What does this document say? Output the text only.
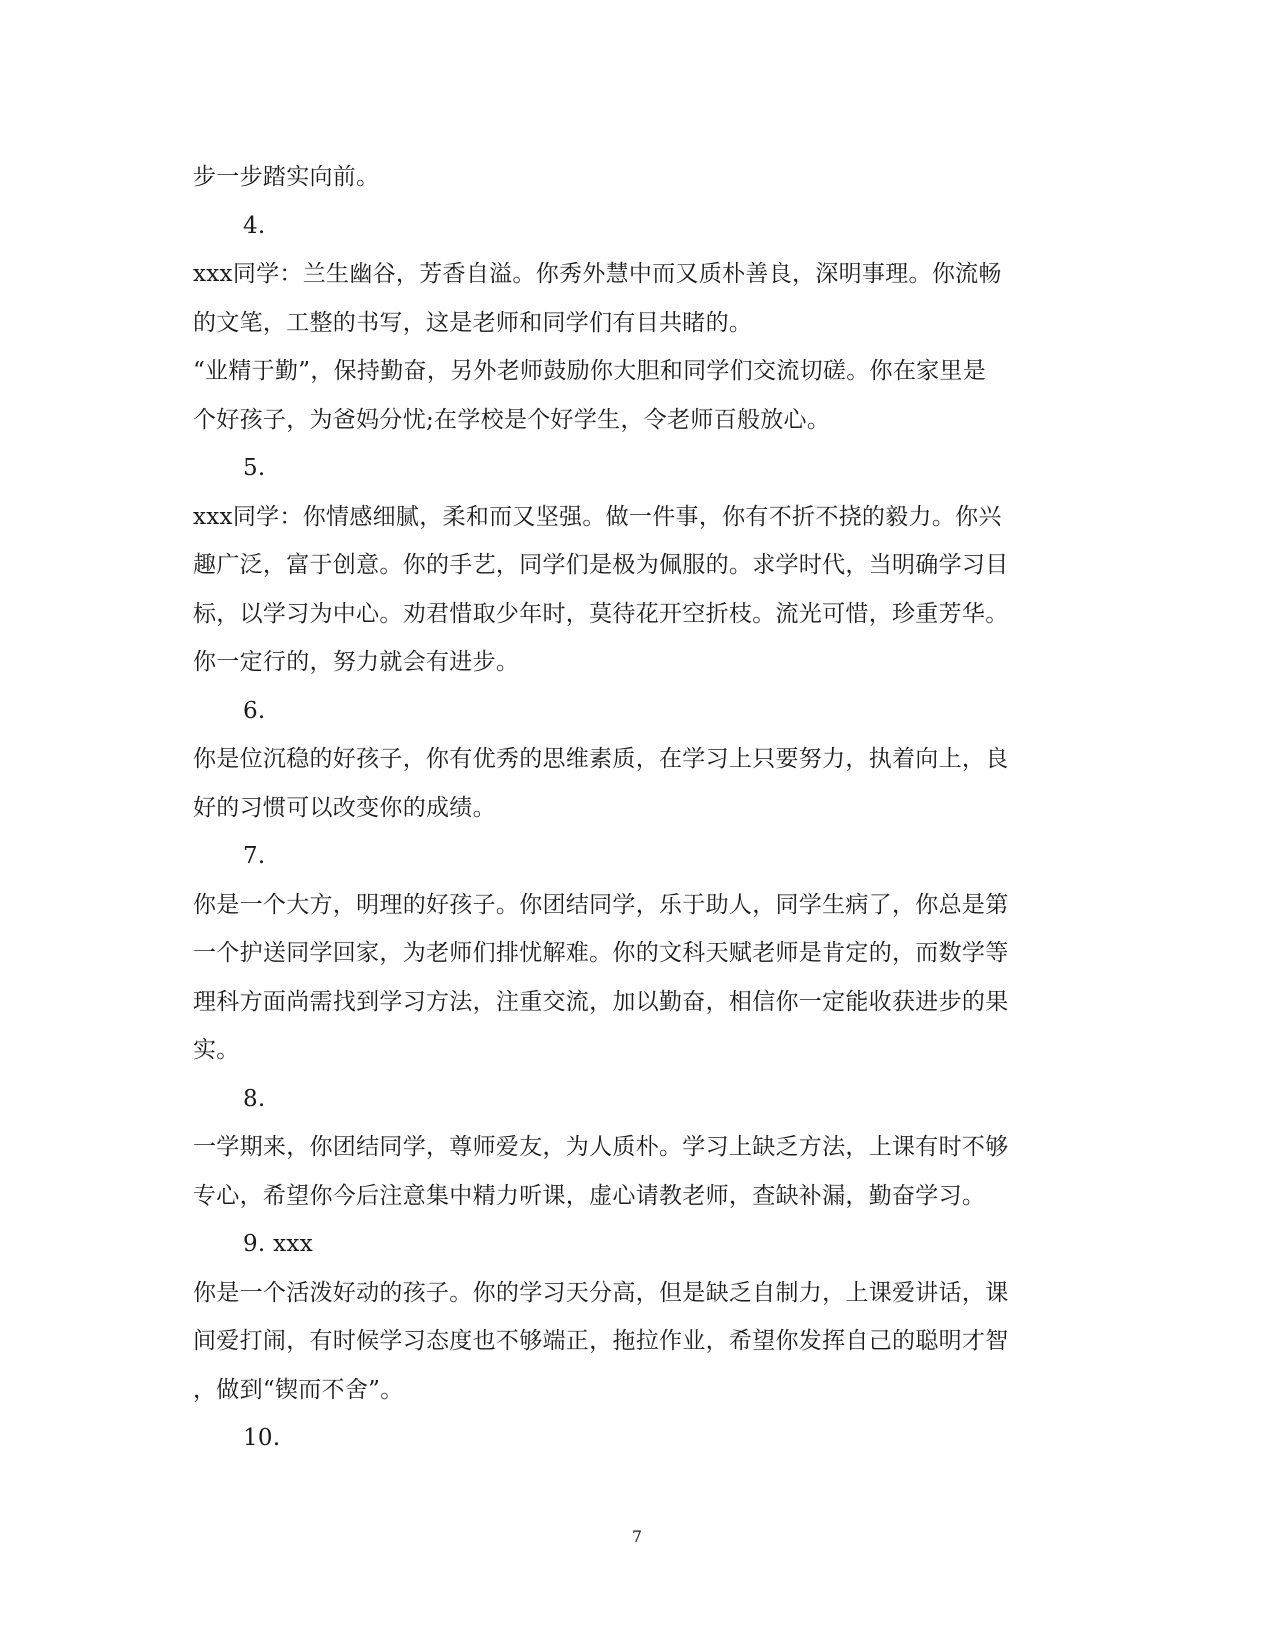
步一步踏实向前。
4.
xxx同学：兰生幽谷，芳香自溢。你秀外慧中而又质朴善良，深明事理。你流畅
的文笔，工整的书写，这是老师和同学们有目共睹的。
“业精于勤”，保持勤奋，另外老师鼓励你大胆和同学们交流切磋。你在家里是
个好孩子，为爸妈分忧;在学校是个好学生，令老师百般放心。
5.
xxx同学：你情感细腻，柔和而又坚强。做一件事，你有不折不挠的毅力。你兴
趣广泛，富于创意。你的手艺，同学们是极为佩服的。求学时代，当明确学习目
标，以学习为中心。劝君惜取少年时，莫待花开空折枝。流光可惜，珍重芳华。
你一定行的，努力就会有进步。
6.
你是位沉稳的好孩子，你有优秀的思维素质，在学习上只要努力，执着向上，良
好的习惯可以改变你的成绩。
7.
你是一个大方，明理的好孩子。你团结同学，乐于助人，同学生病了，你总是第
一个护送同学回家，为老师们排忧解难。你的文科天赋老师是肯定的，而数学等
理科方面尚需找到学习方法，注重交流，加以勤奋，相信你一定能收获进步的果
实。
8.
一学期来，你团结同学，尊师爱友，为人质朴。学习上缺乏方法，上课有时不够
专心，希望你今后注意集中精力听课，虚心请教老师，查缺补漏，勤奋学习。
9. xxx
你是一个活泼好动的孩子。你的学习天分高，但是缺乏自制力，上课爱讲话，课
间爱打闹，有时候学习态度也不够端正，拖拉作业，希望你发挥自己的聪明才智
，做到“锲而不舍”。
10.
7
